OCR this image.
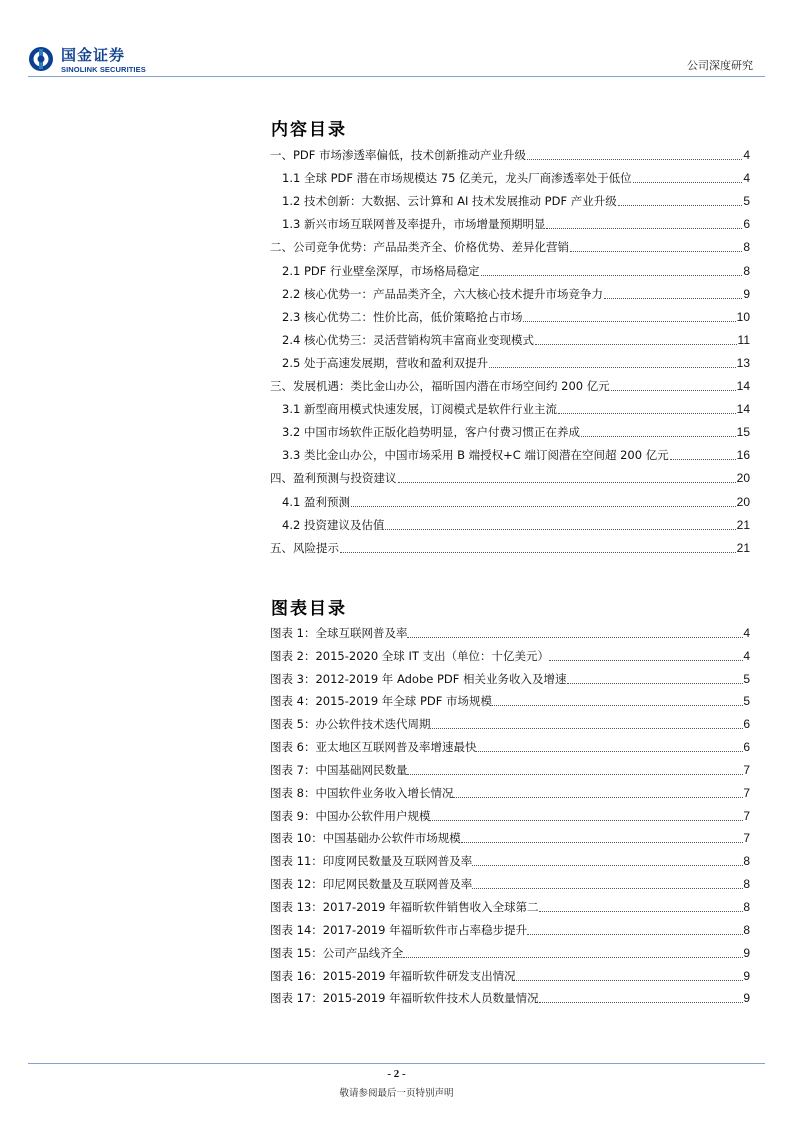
国金证券
SINOLINK SECURITIES	公司深度研究
内容目录
一、PDF 市场渗透率偏低，技术创新推动产业升级	4
1.1 全球 PDF 潜在市场规模达 75 亿美元，龙头厂商渗透率处于低位	4
1.2 技术创新：大数据、云计算和 AI 技术发展推动 PDF 产业升级	5
1.3 新兴市场互联网普及率提升，市场增量预期明显	6
二、公司竞争优势：产品品类齐全、价格优势、差异化营销	8
2.1 PDF 行业壁垒深厚，市场格局稳定	8
2.2 核心优势一：产品品类齐全，六大核心技术提升市场竞争力	9
2.3 核心优势二：性价比高，低价策略抢占市场	10
2.4 核心优势三：灵活营销构筑丰富商业变现模式	11
2.5 处于高速发展期，营收和盈利双提升	13
三、发展机遇：类比金山办公，福昕国内潜在市场空间约 200 亿元	14
3.1 新型商用模式快速发展，订阅模式是软件行业主流	14
3.2 中国市场软件正版化趋势明显，客户付费习惯正在养成	15
3.3 类比金山办公，中国市场采用 B 端授权+C 端订阅潜在空间超 200 亿元	16
四、盈利预测与投资建议	20
4.1 盈利预测	20
4.2 投资建议及估值	21
五、风险提示	21
图表目录
图表 1：全球互联网普及率	4
图表 2：2015-2020 全球 IT 支出（单位：十亿美元）	4
图表 3：2012-2019 年 Adobe PDF 相关业务收入及增速	5
图表 4：2015-2019 年全球 PDF 市场规模	5
图表 5：办公软件技术迭代周期	6
图表 6：亚太地区互联网普及率增速最快	6
图表 7：中国基础网民数量	7
图表 8：中国软件业务收入增长情况	7
图表 9：中国办公软件用户规模	7
图表 10：中国基础办公软件市场规模	7
图表 11：印度网民数量及互联网普及率	8
图表 12：印尼网民数量及互联网普及率	8
图表 13：2017-2019 年福昕软件销售收入全球第二	8
图表 14：2017-2019 年福昕软件市占率稳步提升	8
图表 15：公司产品线齐全	9
图表 16：2015-2019 年福昕软件研发支出情况	9
图表 17：2015-2019 年福昕软件技术人员数量情况	9
- 2 -
敬请参阅最后一页特别声明
